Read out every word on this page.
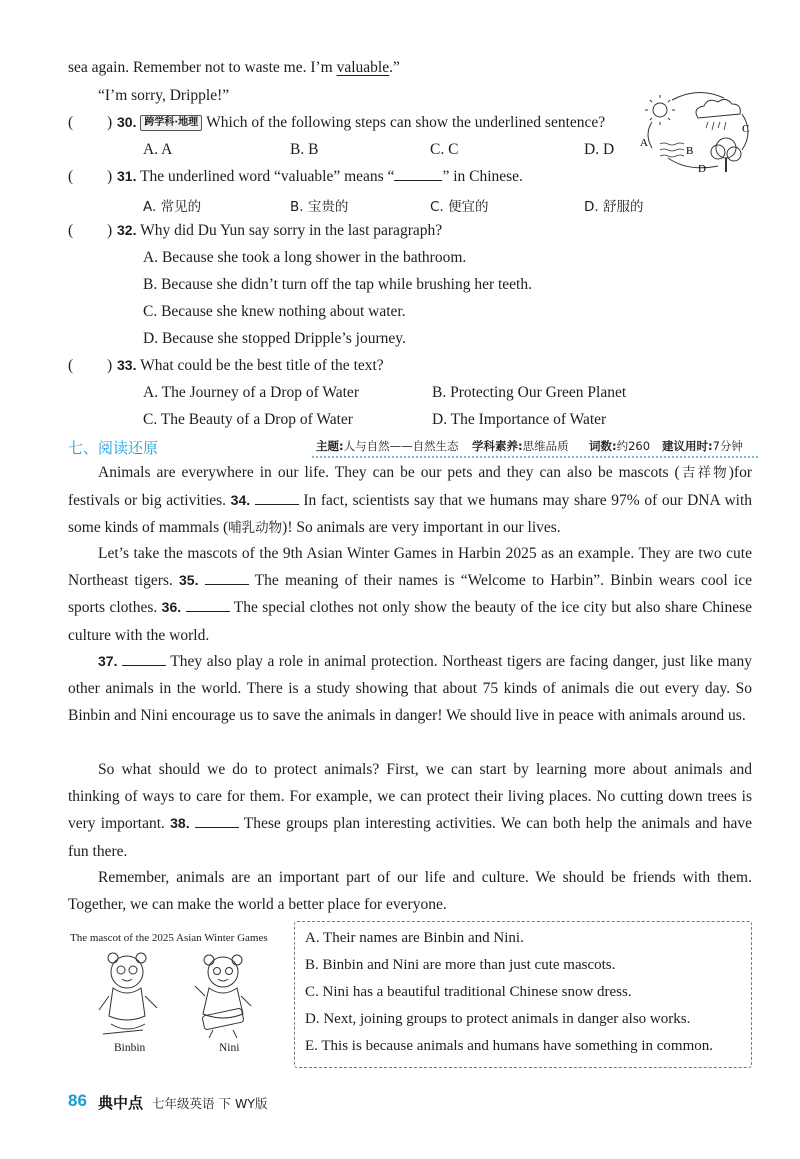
sea again. Remember not to waste me. I’m valuable.”
“I’m sorry, Dripple!”
( ) 30. 跨学科·地理 Which of the following steps can show the underlined sentence?
A. A	B. B	C. C	D. D A
B
C
D
( ) 31. The underlined word “valuable” means “	” in Chinese.
A. 常见的	B. 宝贵的	C. 便宜的	D. 舒服的
( ) 32. Why did Du Yun say sorry in the last paragraph?
A. Because she took a long shower in the bathroom.
B. Because she didn’t turn off the tap while brushing her teeth.
C. Because she knew nothing about water.
D. Because she stopped Dripple’s journey.
( ) 33. What could be the best title of the text?
A. The Journey of a Drop of Water	B. Protecting Our Green Planet
C. The Beauty of a Drop of Water	D. The Importance of Water
七、阅读还原	主题:人与自然——自然生态 学科素养:思维品质 词数:约260 建议用时:7分钟

Animals are everywhere in our life. They can be our pets and they can also be mascots (吉祥物)for festivals or big activities. 34.	In fact, scientists say that we humans may share 97% of our DNA with some kinds of mammals (哺乳动物)! So animals are very important in our lives.

Let’s take the mascots of the 9th Asian Winter Games in Harbin 2025 as an example. They are two cute Northeast tigers. 35.	The meaning of their names is “Welcome to Harbin”. Binbin wears cool ice sports clothes. 36.	The special clothes not only show the beauty of the ice city but also share Chinese culture with the world.

37.	They also play a role in animal protection. Northeast tigers are facing danger, just like many other animals in the world. There is a study showing that about 75 kinds of animals die out every day. So Binbin and Nini encourage us to save the animals in danger! We should live in peace with animals around us.

So what should we do to protect animals? First, we can start by learning more about animals and thinking of ways to care for them. For example, we can protect their living places. No cutting down trees is very important. 38.	These groups plan interesting activities. We can both help the animals and have fun there.

Remember, animals are an important part of our life and culture. We should be friends with them. Together, we can make the world a better place for everyone.

The mascot of the 2025 Asian Winter Games
Binbin	Nini
A. Their names are Binbin and Nini.
B. Binbin and Nini are more than just cute mascots.
C. Nini has a beautiful traditional Chinese snow dress.
D. Next, joining groups to protect animals in danger also works.
E. This is because animals and humans have something in common.
86 典中点 七年级英语 下 WY版
